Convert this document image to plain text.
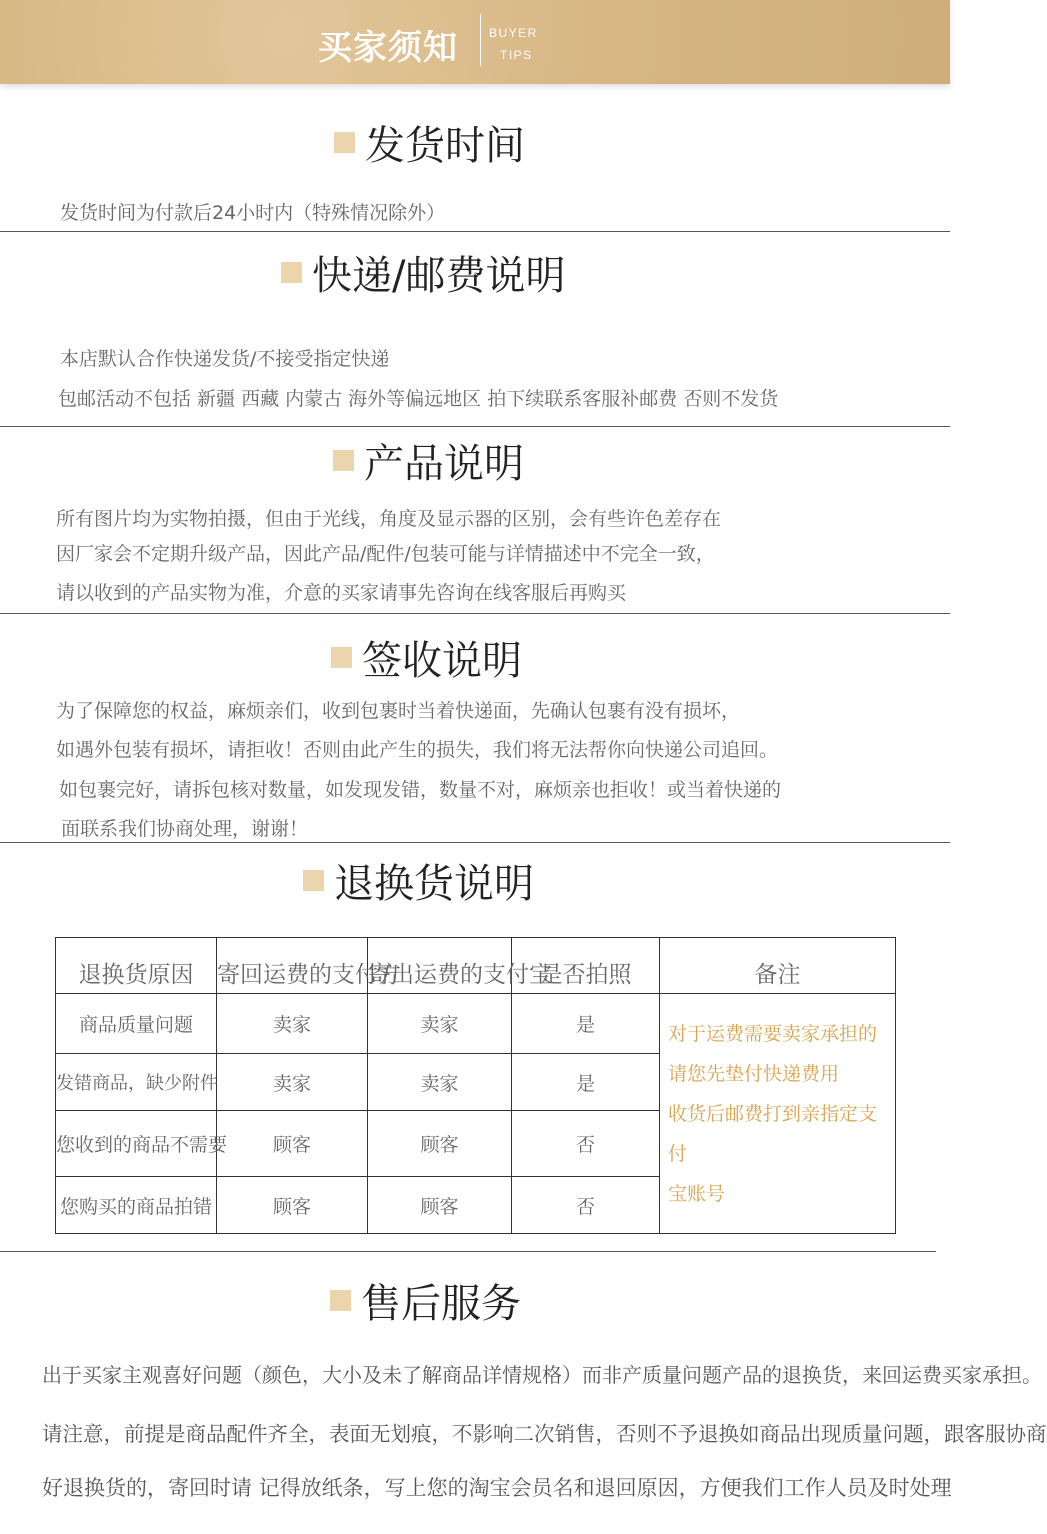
买家须知	BUYER
TIPS
发货时间
发货时间为付款后24小时内（特殊情况除外）
快递/邮费说明
本店默认合作快递发货/不接受指定快递
包邮活动不包括 新疆 西藏 内蒙古 海外等偏远地区 拍下续联系客服补邮费 否则不发货
产品说明
所有图片均为实物拍摄，但由于光线，角度及显示器的区别，会有些许色差存在
因厂家会不定期升级产品，因此产品/配件/包装可能与详情描述中不完全一致，
请以收到的产品实物为准，介意的买家请事先咨询在线客服后再购买
签收说明
为了保障您的权益，麻烦亲们，收到包裹时当着快递面，先确认包裹有没有损坏，
如遇外包装有损坏，请拒收！否则由此产生的损失，我们将无法帮你向快递公司追回。
如包裹完好，请拆包核对数量，如发现发错，数量不对，麻烦亲也拒收！或当着快递的
面联系我们协商处理，谢谢！
退换货说明
退换货原因	寄回运费的支付方	寄出运费的支付宝	是否拍照	备注
商品质量问题	卖家	卖家	是	对于运费需要卖家承担的
请您先垫付快递费用
收货后邮费打到亲指定支付
宝账号

发错商品，缺少附件	卖家	卖家	是	
您收到的商品不需要	顾客	顾客	否	
您购买的商品拍错	顾客	顾客	否	
售后服务
出于买家主观喜好问题（颜色，大小及未了解商品详情规格）而非产质量问题产品的退换货，来回运费买家承担。
请注意，前提是商品配件齐全，表面无划痕，不影响二次销售，否则不予退换如商品出现质量问题，跟客服协商
好退换货的，寄回时请 记得放纸条，写上您的淘宝会员名和退回原因，方便我们工作人员及时处理
